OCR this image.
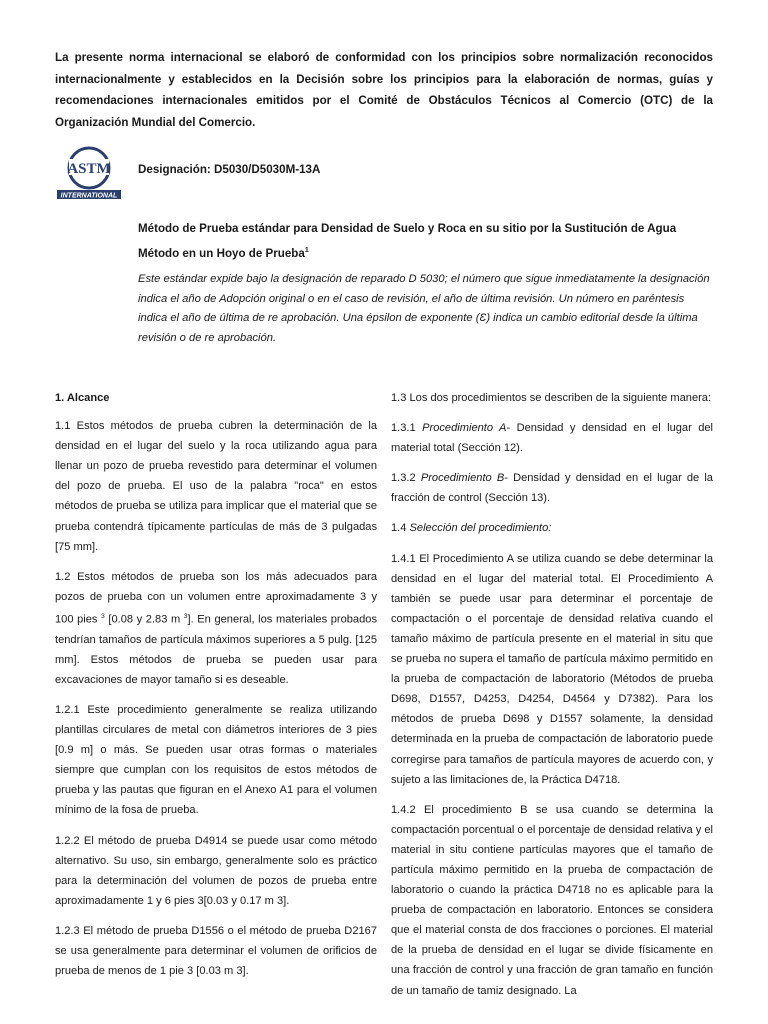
La presente norma internacional se elaboró de conformidad con los principios sobre normalización reconocidos internacionalmente y establecidos en la Decisión sobre los principios para la elaboración de normas, guías y recomendaciones internacionales emitidos por el Comité de Obstáculos Técnicos al Comercio (OTC) de la Organización Mundial del Comercio.
ASTM
INTERNATIONAL
Designación: D5030/D5030M-13A
Método de Prueba estándar para Densidad de Suelo y Roca en su sitio por la Sustitución de Agua Método en un Hoyo de Prueba$^1$
Este estándar expide bajo la designación de reparado D 5030; el número que sigue inmediatamente la designación indica el año de Adopción original o en el caso de revisión, el año de última revisión. Un número en paréntesis indica el año de última de re aprobación. Una épsilon de exponente (Ɛ) indica un cambio editorial desde la última revisión o de re aprobación.

1. Alcance

1.1 Estos métodos de prueba cubren la determinación de la densidad en el lugar del suelo y la roca utilizando agua para llenar un pozo de prueba revestido para determinar el volumen del pozo de prueba. El uso de la palabra "roca" en estos métodos de prueba se utiliza para implicar que el material que se prueba contendrá típicamente partículas de más de 3 pulgadas [75 mm].

1.2 Estos métodos de prueba son los más adecuados para pozos de prueba con un volumen entre aproximadamente 3 y 100 pies $^3$ [0.08 y 2.83 m $^3$]. En general, los materiales probados tendrían tamaños de partícula máximos superiores a 5 pulg. [125 mm]. Estos métodos de prueba se pueden usar para excavaciones de mayor tamaño si es deseable.

1.2.1 Este procedimiento generalmente se realiza utilizando plantillas circulares de metal con diámetros interiores de 3 pies [0.9 m] o más. Se pueden usar otras formas o materiales siempre que cumplan con los requisitos de estos métodos de prueba y las pautas que figuran en el Anexo A1 para el volumen mínimo de la fosa de prueba.

1.2.2 El método de prueba D4914 se puede usar como método alternativo. Su uso, sin embargo, generalmente solo es práctico para la determinación del volumen de pozos de prueba entre aproximadamente 1 y 6 pies 3[0.03 y 0.17 m 3].

1.2.3 El método de prueba D1556 o el método de prueba D2167 se usa generalmente para determinar el volumen de orificios de prueba de menos de 1 pie 3 [0.03 m 3].

1.3 Los dos procedimientos se describen de la siguiente manera:

1.3.1 Procedimiento A- Densidad y densidad en el lugar del material total (Sección 12).

1.3.2 Procedimiento B- Densidad y densidad en el lugar de la fracción de control (Sección 13).

1.4 Selección del procedimiento:

1.4.1 El Procedimiento A se utiliza cuando se debe determinar la densidad en el lugar del material total. El Procedimiento A también se puede usar para determinar el porcentaje de compactación o el porcentaje de densidad relativa cuando el tamaño máximo de partícula presente en el material in situ que se prueba no supera el tamaño de partícula máximo permitido en la prueba de compactación de laboratorio (Métodos de prueba D698, D1557, D4253, D4254, D4564 y D7382). Para los métodos de prueba D698 y D1557 solamente, la densidad determinada en la prueba de compactación de laboratorio puede corregirse para tamaños de partícula mayores de acuerdo con, y sujeto a las limitaciones de, la Práctica D4718.

1.4.2 El procedimiento B se usa cuando se determina la compactación porcentual o el porcentaje de densidad relativa y el material in situ contiene partículas mayores que el tamaño de partícula máximo permitido en la prueba de compactación de laboratorio o cuando la práctica D4718 no es aplicable para la prueba de compactación en laboratorio. Entonces se considera que el material consta de dos fracciones o porciones. El material de la prueba de densidad en el lugar se divide físicamente en una fracción de control y una fracción de gran tamaño en función de un tamaño de tamiz designado. La
